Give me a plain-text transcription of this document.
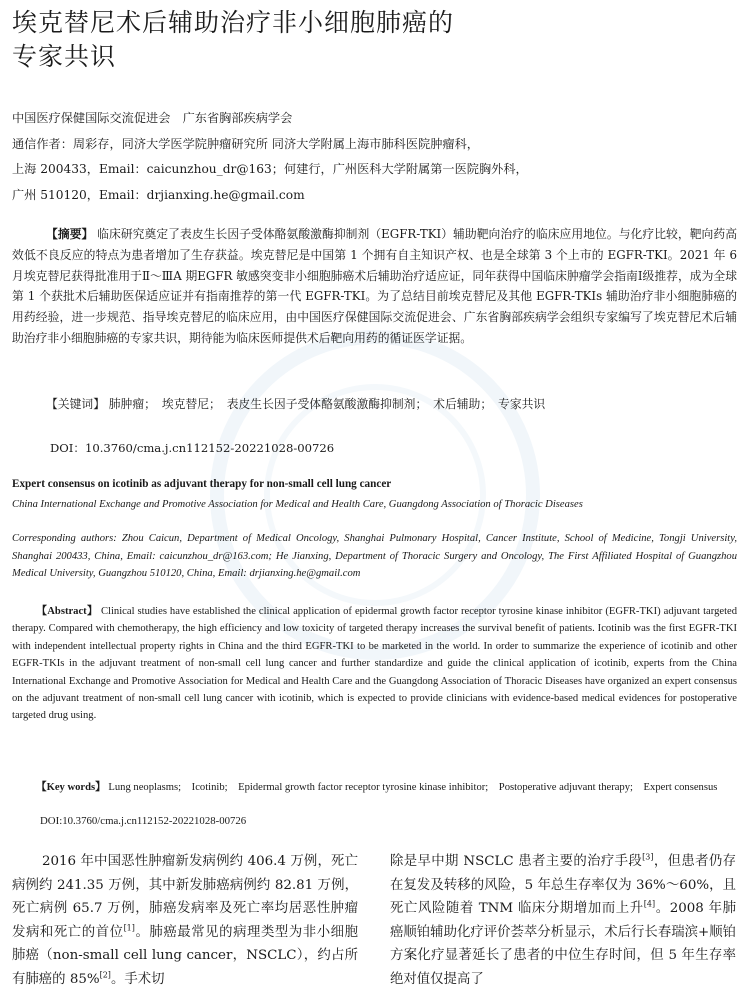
埃克替尼术后辅助治疗非小细胞肺癌的
专家共识
中国医疗保健国际交流促进会　广东省胸部疾病学会
通信作者：周彩存，同济大学医学院肿瘤研究所 同济大学附属上海市肺科医院肿瘤科，
上海 200433，Email：caicunzhou_dr@163；何建行，广州医科大学附属第一医院胸外科，
广州 510120，Email：drjianxing.he@gmail.com
【摘要】 临床研究奠定了表皮生长因子受体酪氨酸激酶抑制剂（EGFR-TKI）辅助靶向治疗的临床应用地位。与化疗比较，靶向药高效低不良反应的特点为患者增加了生存获益。埃克替尼是中国第 1 个拥有自主知识产权、也是全球第 3 个上市的 EGFR-TKI。2021 年 6 月埃克替尼获得批准用于Ⅱ～ⅢA 期EGFR 敏感突变非小细胞肺癌术后辅助治疗适应证，同年获得中国临床肿瘤学会指南Ⅰ级推荐，成为全球第 1 个获批术后辅助医保适应证并有指南推荐的第一代 EGFR-TKI。为了总结目前埃克替尼及其他 EGFR-TKIs 辅助治疗非小细胞肺癌的用药经验，进一步规范、指导埃克替尼的临床应用，由中国医疗保健国际交流促进会、广东省胸部疾病学会组织专家编写了埃克替尼术后辅助治疗非小细胞肺癌的专家共识，期待能为临床医师提供术后靶向用药的循证医学证据。
【关键词】 肺肿瘤；　埃克替尼；　表皮生长因子受体酪氨酸激酶抑制剂；　术后辅助；　专家共识
DOI：10.3760/cma.j.cn112152-20221028-00726
Expert consensus on icotinib as adjuvant therapy for non-small cell lung cancer
China International Exchange and Promotive Association for Medical and Health Care, Guangdong Association of Thoracic Diseases
Corresponding authors: Zhou Caicun, Department of Medical Oncology, Shanghai Pulmonary Hospital, Cancer Institute, School of Medicine, Tongji University, Shanghai 200433, China, Email: caicunzhou_dr@163.com; He Jianxing, Department of Thoracic Surgery and Oncology, The First Affiliated Hospital of Guangzhou Medical University, Guangzhou 510120, China, Email: drjianxing.he@gmail.com
【Abstract】 Clinical studies have established the clinical application of epidermal growth factor receptor tyrosine kinase inhibitor (EGFR-TKI) adjuvant targeted therapy. Compared with chemotherapy, the high efficiency and low toxicity of targeted therapy increases the survival benefit of patients. Icotinib was the first EGFR-TKI with independent intellectual property rights in China and the third EGFR-TKI to be marketed in the world. In order to summarize the experience of icotinib and other EGFR-TKIs in the adjuvant treatment of non-small cell lung cancer and further standardize and guide the clinical application of icotinib, experts from the China International Exchange and Promotive Association for Medical and Health Care and the Guangdong Association of Thoracic Diseases have organized an expert consensus on the adjuvant treatment of non-small cell lung cancer with icotinib, which is expected to provide clinicians with evidence-based medical evidences for postoperative targeted drug using.
【Key words】 Lung neoplasms;　Icotinib;　Epidermal growth factor receptor tyrosine kinase inhibitor;　Postoperative adjuvant therapy;　Expert consensus
DOI:10.3760/cma.j.cn112152-20221028-00726
2016 年中国恶性肿瘤新发病例约 406.4 万例，死亡病例约 241.35 万例，其中新发肺癌病例约 82.81 万例，死亡病例 65.7 万例，肺癌发病率及死亡率均居恶性肿瘤发病和死亡的首位[1]。肺癌最常见的病理类型为非小细胞肺癌（non-small cell lung cancer，NSCLC），约占所有肺癌的 85%[2]。手术切
除是早中期 NSCLC 患者主要的治疗手段[3]，但患者仍存在复发及转移的风险，5 年总生存率仅为 36%～60%，且死亡风险随着 TNM 临床分期增加而上升[4]。2008 年肺癌顺铂辅助化疗评价荟萃分析显示，术后行长春瑞滨+顺铂方案化疗显著延长了患者的中位生存时间，但 5 年生存率绝对值仅提高了
